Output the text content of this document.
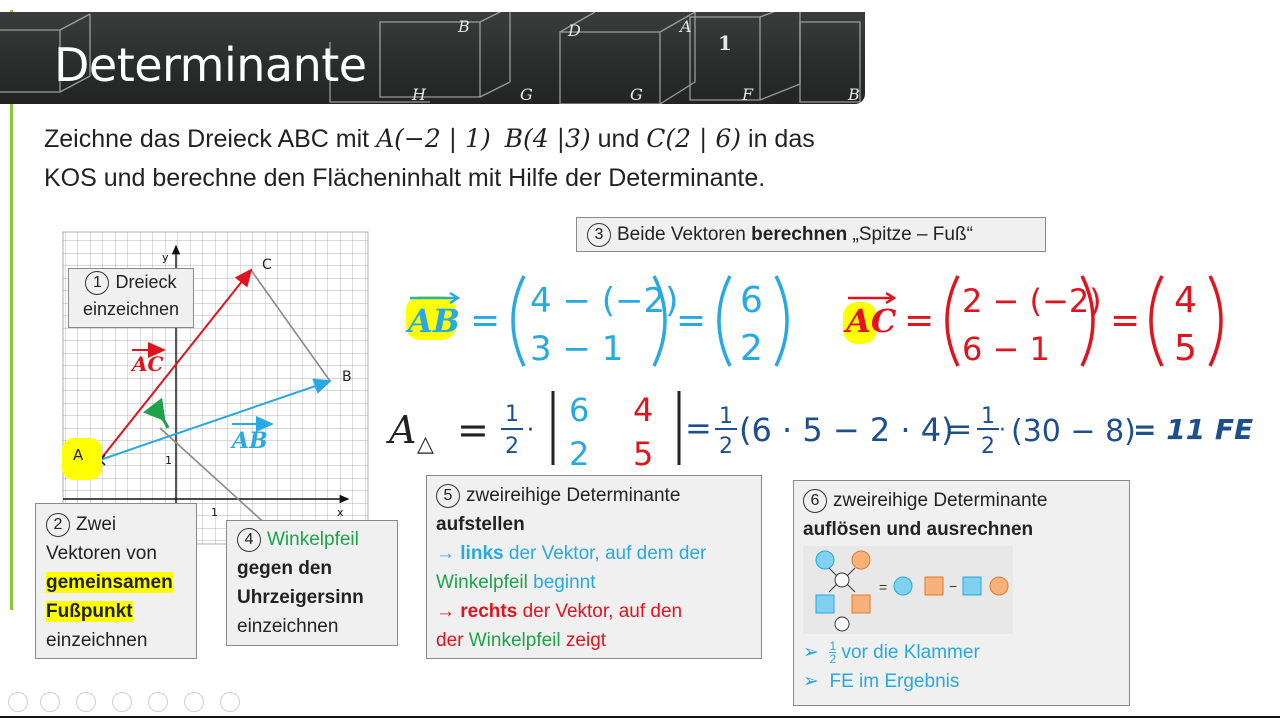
B	D	A
1
H	G	G	F	B
Determinante
Zeichne das Dreieck ABC mit A(−2 | 1) B(4 |3) und C(2 | 6) in das
KOS und berechne den Flächeninhalt mit Hilfe der Determinante.
y
x
1
1
C
B
AC
AB
A
1 Dreieck
einzeichnen
2 Zwei
Vektoren von
gemeinsamen
Fußpunkt
einzeichnen
4 Winkelpfeil
gegen den
Uhrzeigersinn
einzeichnen
3 Beide Vektoren berechnen „Spitze – Fuß“
AB = 4 − (−2)
3 − 1
= 6
2
AC = 2 − (−2)
6 − 1
= 4
5
A △ = 1
2
·
6 4
2 5
= 1
2 (6 · 5 − 2 · 4)
= 1
2
· (30 − 8)
= 11 FE
5 zweireihige Determinante
aufstellen
→ links der Vektor, auf dem der
Winkelpfeil beginnt
→ rechts der Vektor, auf den
der Winkelpfeil zeigt
6 zweireihige Determinante
auflösen und ausrechnen
=	−
➢ $\frac{1}{2}$ vor die Klammer
➢ FE im Ergebnis
